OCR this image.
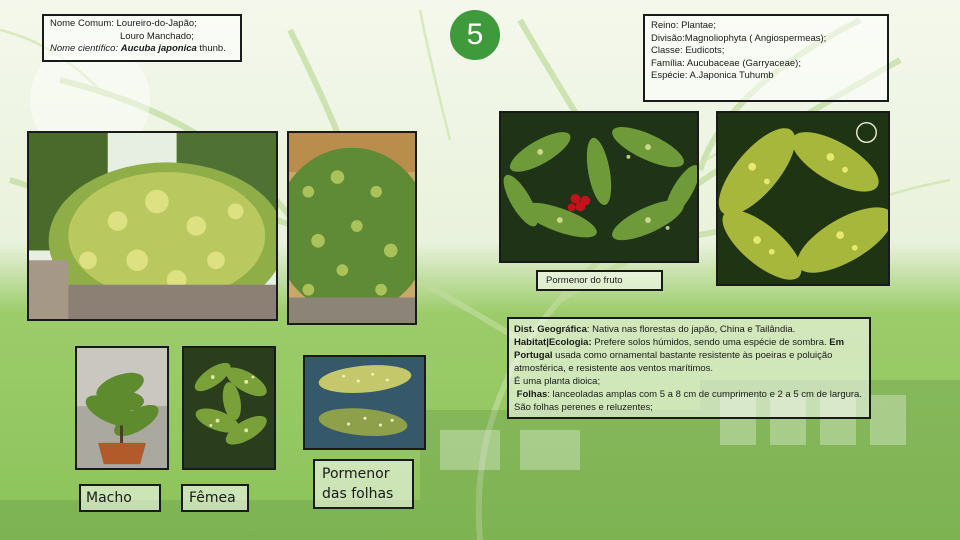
Nome Comum: Loureiro-do-Japão;
Louro Manchado;
Nome científico: Aucuba japonica thunb.	5	Reino: Plantae;
Divisão:Magnoliophyta ( Angiospermeas);
Classe: Eudicots;
Família: Aucubaceae (Garryaceae);
Espécie: A.Japonica Tuhumb
Pormenor do fruto
Dist. Geográfica: Nativa nas florestas do japão, China e Tailândia.
Habitat|Ecologia: Prefere solos húmidos, sendo uma espécie de sombra. Em Portugal usada como ornamental bastante resistente às poeiras e poluição atmosférica, e resistente aos ventos marítimos.
É uma planta dioica;
Folhas: lanceoladas amplas com 5 a 8 cm de cumprimento e 2 a 5 cm de largura. São folhas perenes e reluzentes;
Macho	Fêmea
Pormenor
das folhas
